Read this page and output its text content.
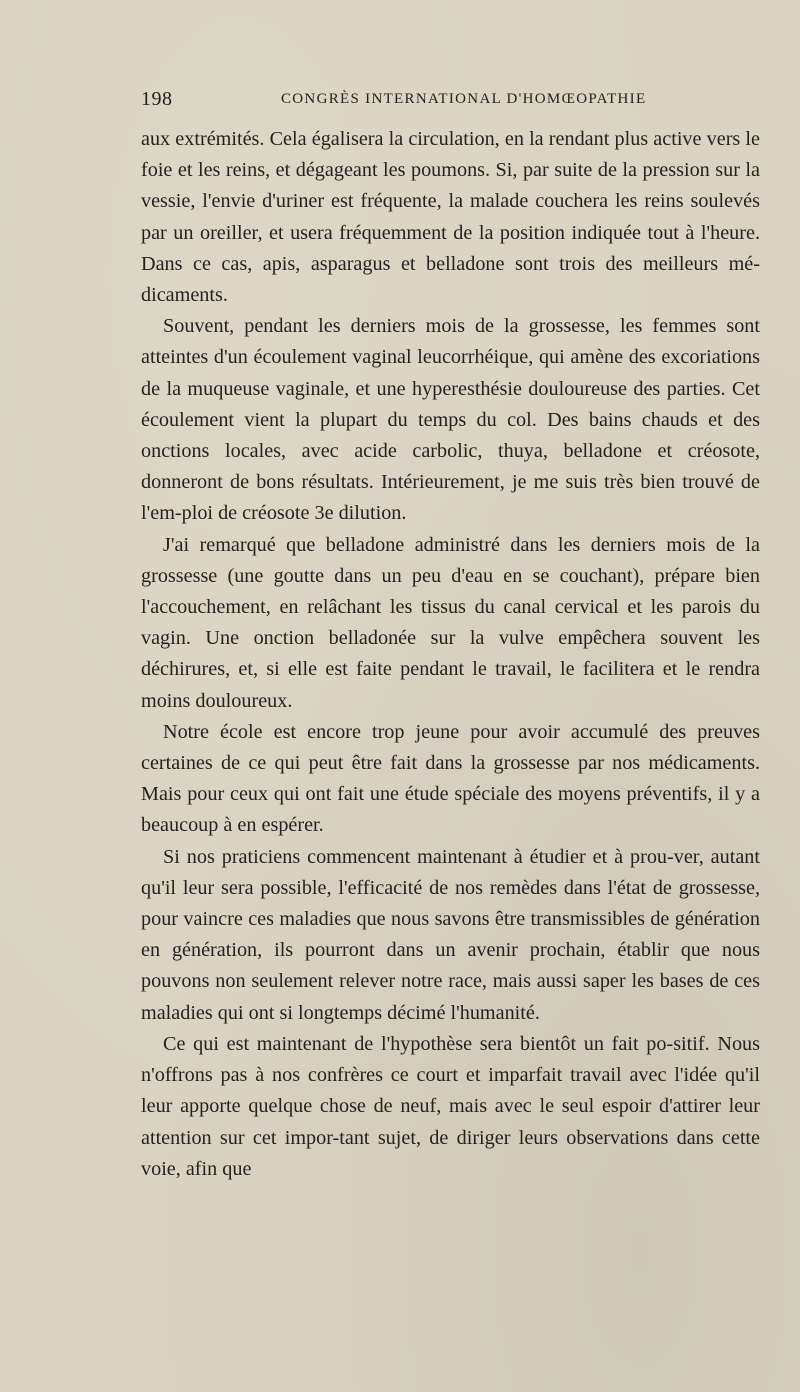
198	CONGRÈS INTERNATIONAL D'HOMŒOPATHIE

aux extrémités. Cela égalisera la circulation, en la rendant plus active vers le foie et les reins, et dégageant les poumons. Si, par suite de la pression sur la vessie, l'envie d'uriner est fréquente, la malade couchera les reins soulevés par un oreiller, et usera fréquemment de la position indiquée tout à l'heure. Dans ce cas, apis, asparagus et belladone sont trois des meilleurs mé-dicaments.

Souvent, pendant les derniers mois de la grossesse, les femmes sont atteintes d'un écoulement vaginal leucorrhéique, qui amène des excoriations de la muqueuse vaginale, et une hyperesthésie douloureuse des parties. Cet écoulement vient la plupart du temps du col. Des bains chauds et des onctions locales, avec acide carbolic, thuya, belladone et créosote, donneront de bons résultats. Intérieurement, je me suis très bien trouvé de l'em-ploi de créosote 3e dilution.

J'ai remarqué que belladone administré dans les derniers mois de la grossesse (une goutte dans un peu d'eau en se couchant), prépare bien l'accouchement, en relâchant les tissus du canal cervical et les parois du vagin. Une onction belladonée sur la vulve empêchera souvent les déchirures, et, si elle est faite pendant le travail, le facilitera et le rendra moins douloureux.

Notre école est encore trop jeune pour avoir accumulé des preuves certaines de ce qui peut être fait dans la grossesse par nos médicaments. Mais pour ceux qui ont fait une étude spéciale des moyens préventifs, il y a beaucoup à en espérer.

Si nos praticiens commencent maintenant à étudier et à prou-ver, autant qu'il leur sera possible, l'efficacité de nos remèdes dans l'état de grossesse, pour vaincre ces maladies que nous savons être transmissibles de génération en génération, ils pourront dans un avenir prochain, établir que nous pouvons non seulement relever notre race, mais aussi saper les bases de ces maladies qui ont si longtemps décimé l'humanité.

Ce qui est maintenant de l'hypothèse sera bientôt un fait po-sitif. Nous n'offrons pas à nos confrères ce court et imparfait travail avec l'idée qu'il leur apporte quelque chose de neuf, mais avec le seul espoir d'attirer leur attention sur cet impor-tant sujet, de diriger leurs observations dans cette voie, afin que
